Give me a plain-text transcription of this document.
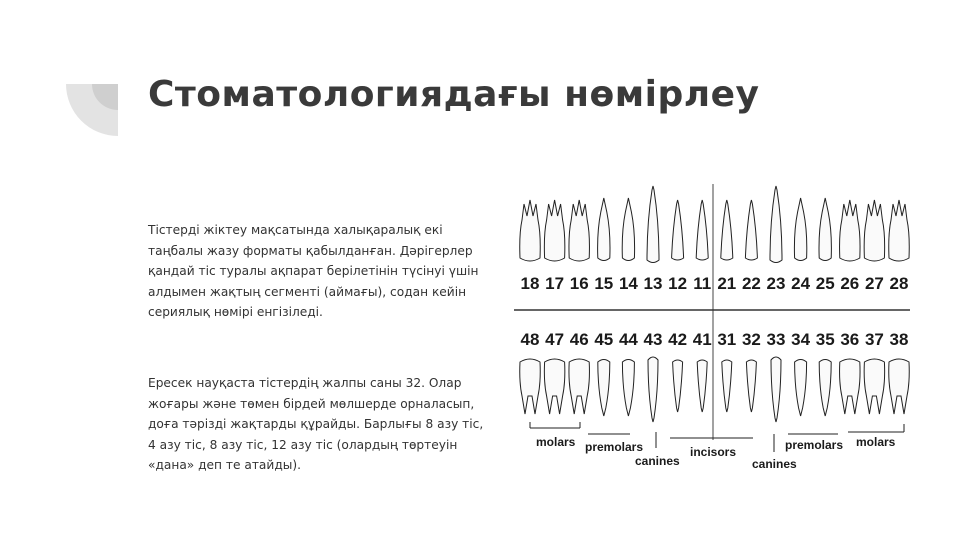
Стоматологиядағы нөмірлеу
Тістерді жіктеу мақсатында халықаралық екі таңбалы жазу форматы қабылданған. Дәрігерлер қандай тіс туралы ақпарат берілетінін түсінуі үшін алдымен жақтың сегменті (аймағы), содан кейін сериялық нөмірі енгізіледі.
Ересек науқаста тістердің жалпы саны 32. Олар жоғары және төмен бірдей мөлшерде орналасып, доға тәрізді жақтарды құрайды. Барлығы 8 азу тіс, 4 азу тіс, 8 азу тіс, 12 азу тіс (олардың төртеуін «дана» деп те атайды).
18 17 16 15 14 13 12 11 21 22 23 24 25 26 27 28
48 47 46 45 44 43 42 41 31 32 33 34 35 36 37 38
molars premolars
canines
incisors
canines
premolars molars
